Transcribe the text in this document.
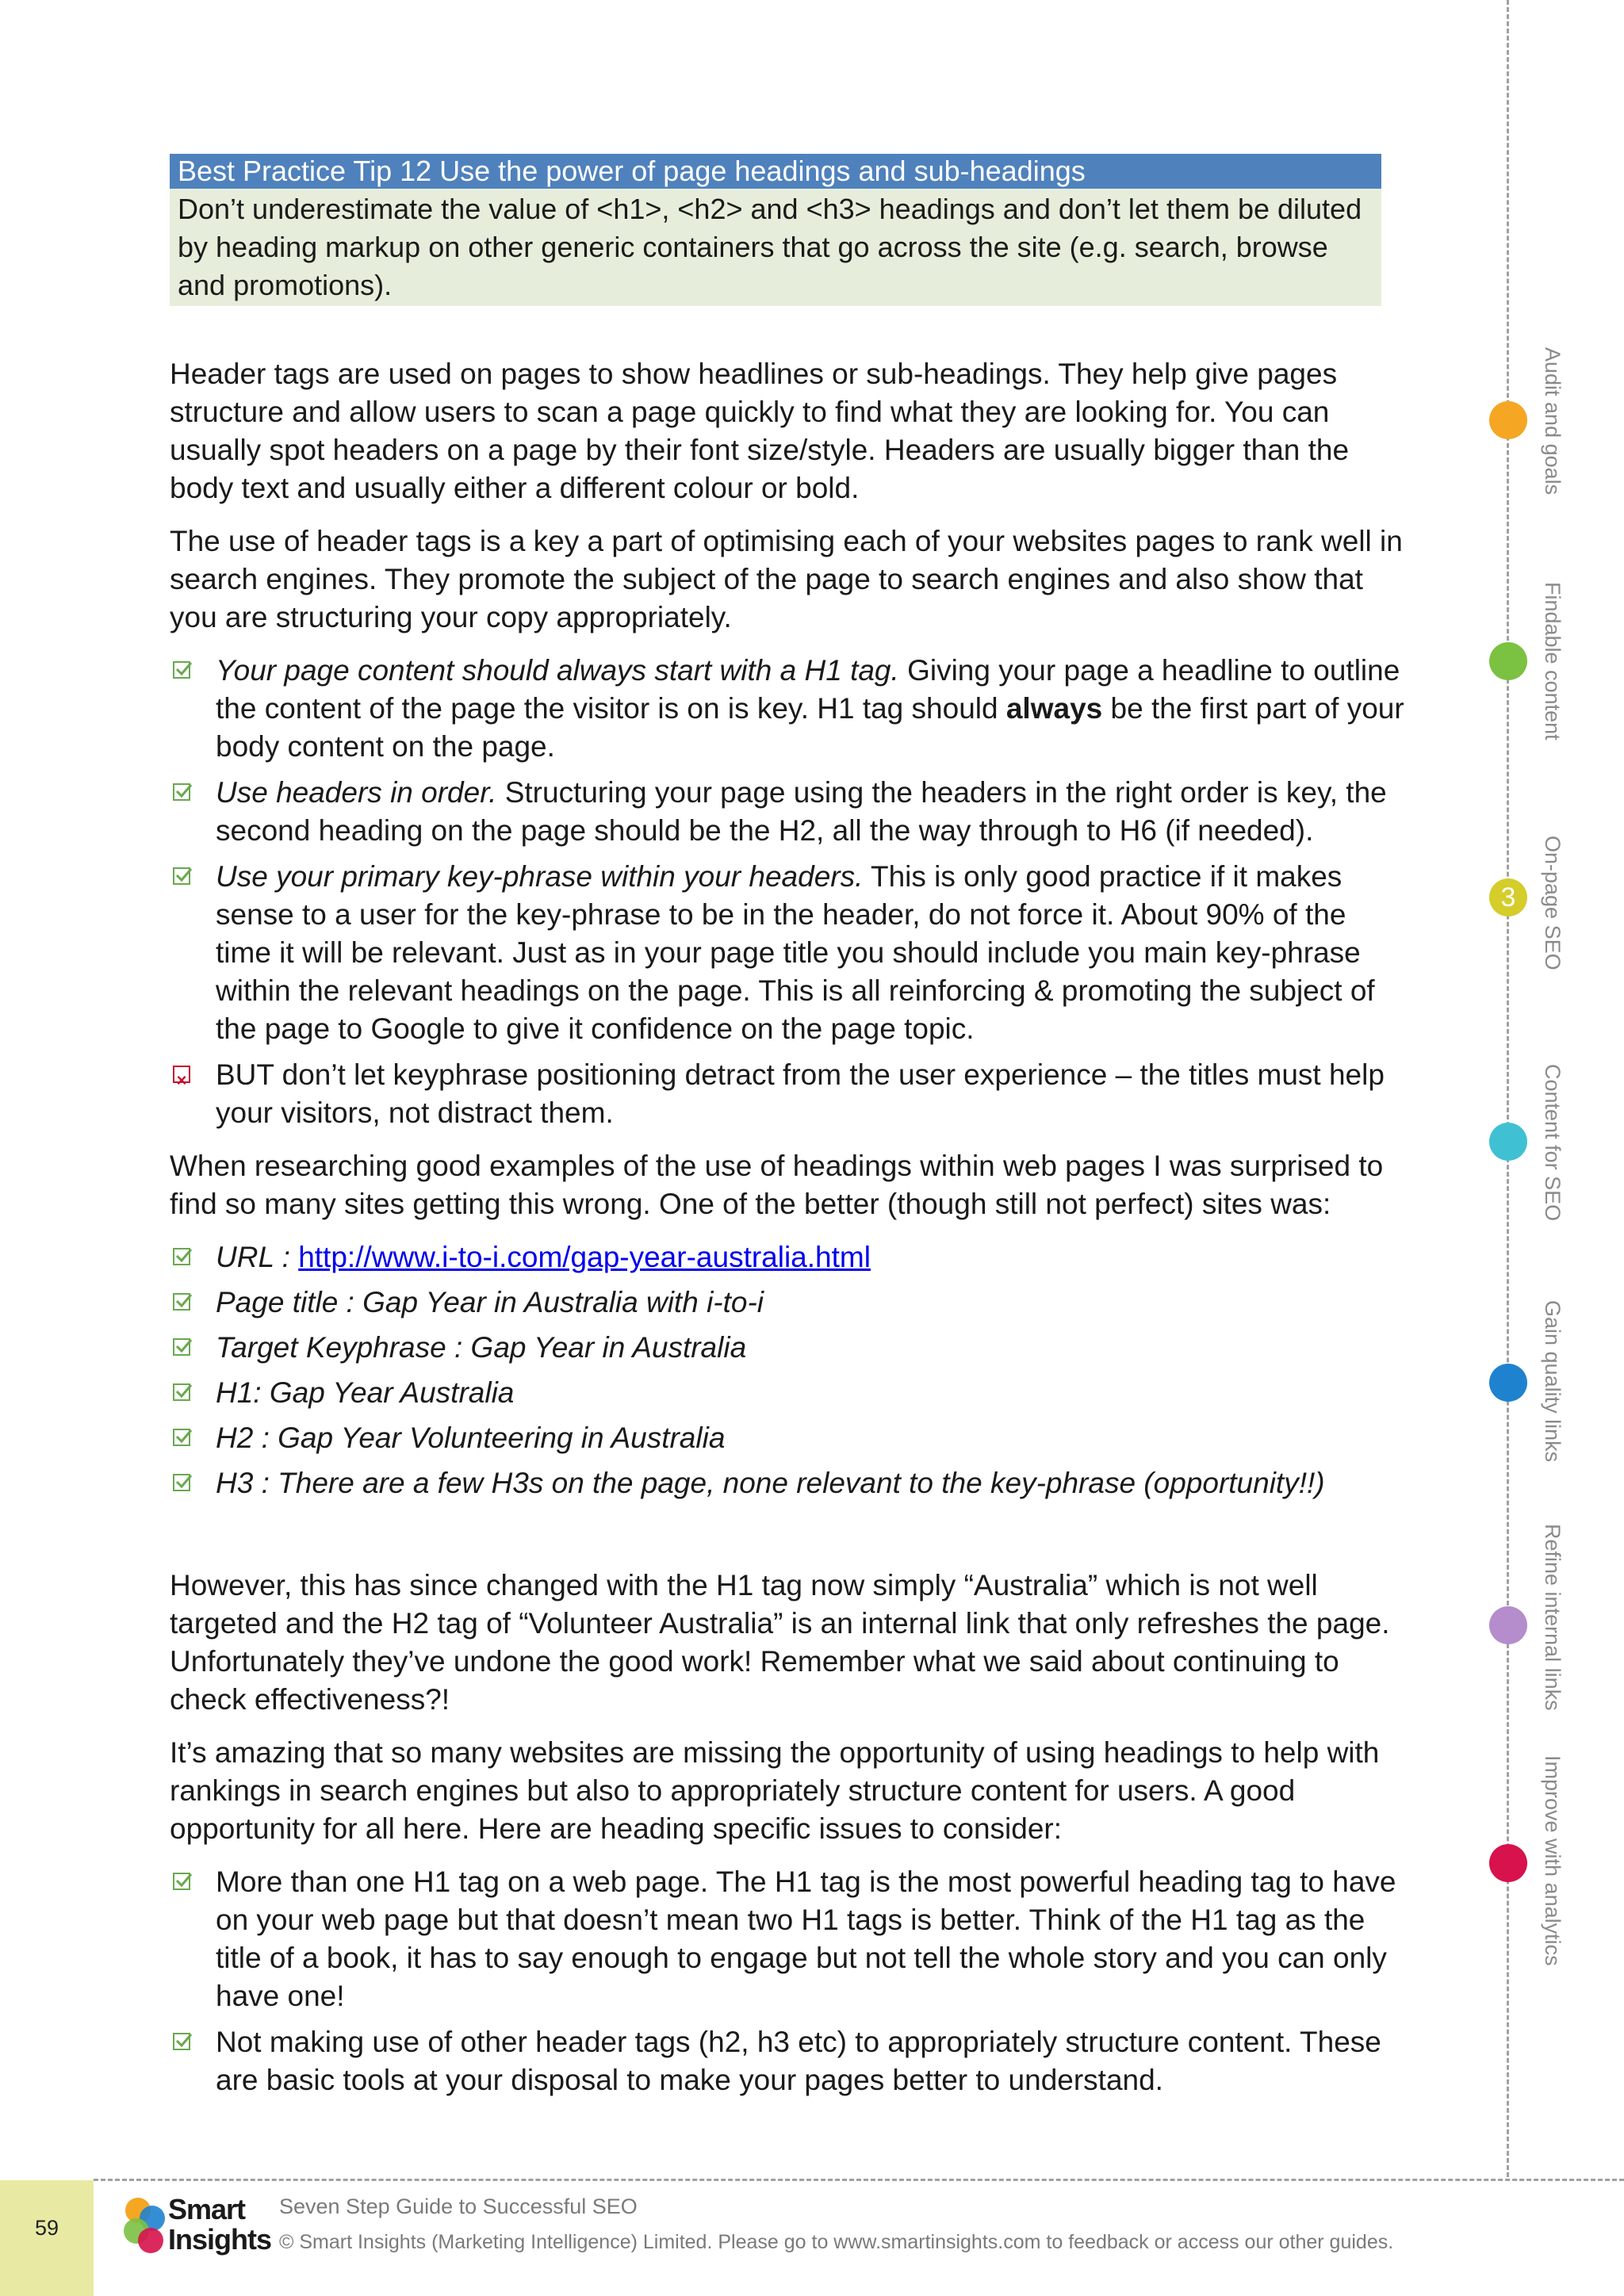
Best Practice Tip 12 Use the power of page headings and sub-headings
Don’t underestimate the value of <h1>, <h2> and <h3> headings and don’t let them be diluted by heading markup on other generic containers that go across the site (e.g. search, browse and promotions).

Header tags are used on pages to show headlines or sub-headings. They help give pages structure and allow users to scan a page quickly to find what they are looking for. You can usually spot headers on a page by their font size/style. Headers are usually bigger than the body text and usually either a different colour or bold.

The use of header tags is a key a part of optimising each of your websites pages to rank well in search engines. They promote the subject of the page to search engines and also show that you are structuring your copy appropriately.

Your page content should always start with a H1 tag. Giving your page a headline to outline the content of the page the visitor is on is key. H1 tag should always be the first part of your body content on the page.
Use headers in order. Structuring your page using the headers in the right order is key, the second heading on the page should be the H2, all the way through to H6 (if needed).
Use your primary key-phrase within your headers. This is only good practice if it makes sense to a user for the key-phrase to be in the header, do not force it. About 90% of the time it will be relevant. Just as in your page title you should include you main key-phrase within the relevant headings on the page. This is all reinforcing & promoting the subject of the page to Google to give it confidence on the page topic.
× BUT don’t let keyphrase positioning detract from the user experience – the titles must help your visitors, not distract them.

When researching good examples of the use of headings within web pages I was surprised to find so many sites getting this wrong. One of the better (though still not perfect) sites was:

URL : http://www.i-to-i.com/gap-year-australia.html
Page title : Gap Year in Australia with i-to-i
Target Keyphrase : Gap Year in Australia
H1: Gap Year Australia
H2 : Gap Year Volunteering in Australia
H3 : There are a few H3s on the page, none relevant to the key-phrase (opportunity!!)

However, this has since changed with the H1 tag now simply “Australia” which is not well targeted and the H2 tag of “Volunteer Australia” is an internal link that only refreshes the page. Unfortunately they’ve undone the good work! Remember what we said about continuing to check effectiveness?!

It’s amazing that so many websites are missing the opportunity of using headings to help with rankings in search engines but also to appropriately structure content for users. A good opportunity for all here. Here are heading specific issues to consider:

More than one H1 tag on a web page. The H1 tag is the most powerful heading tag to have on your web page but that doesn’t mean two H1 tags is better. Think of the H1 tag as the title of a book, it has to say enough to engage but not tell the whole story and you can only have one!
Not making use of other header tags (h2, h3 etc) to appropriately structure content. These are basic tools at your disposal to make your pages better to understand.
Audit and goals
Findable content
3	On-page SEO
Content for SEO
Gain quality links
Refine internal links
Improve with analytics
59
Smart
Insights
Seven Step Guide to Successful SEO
© Smart Insights (Marketing Intelligence) Limited. Please go to www.smartinsights.com to feedback or access our other guides.
